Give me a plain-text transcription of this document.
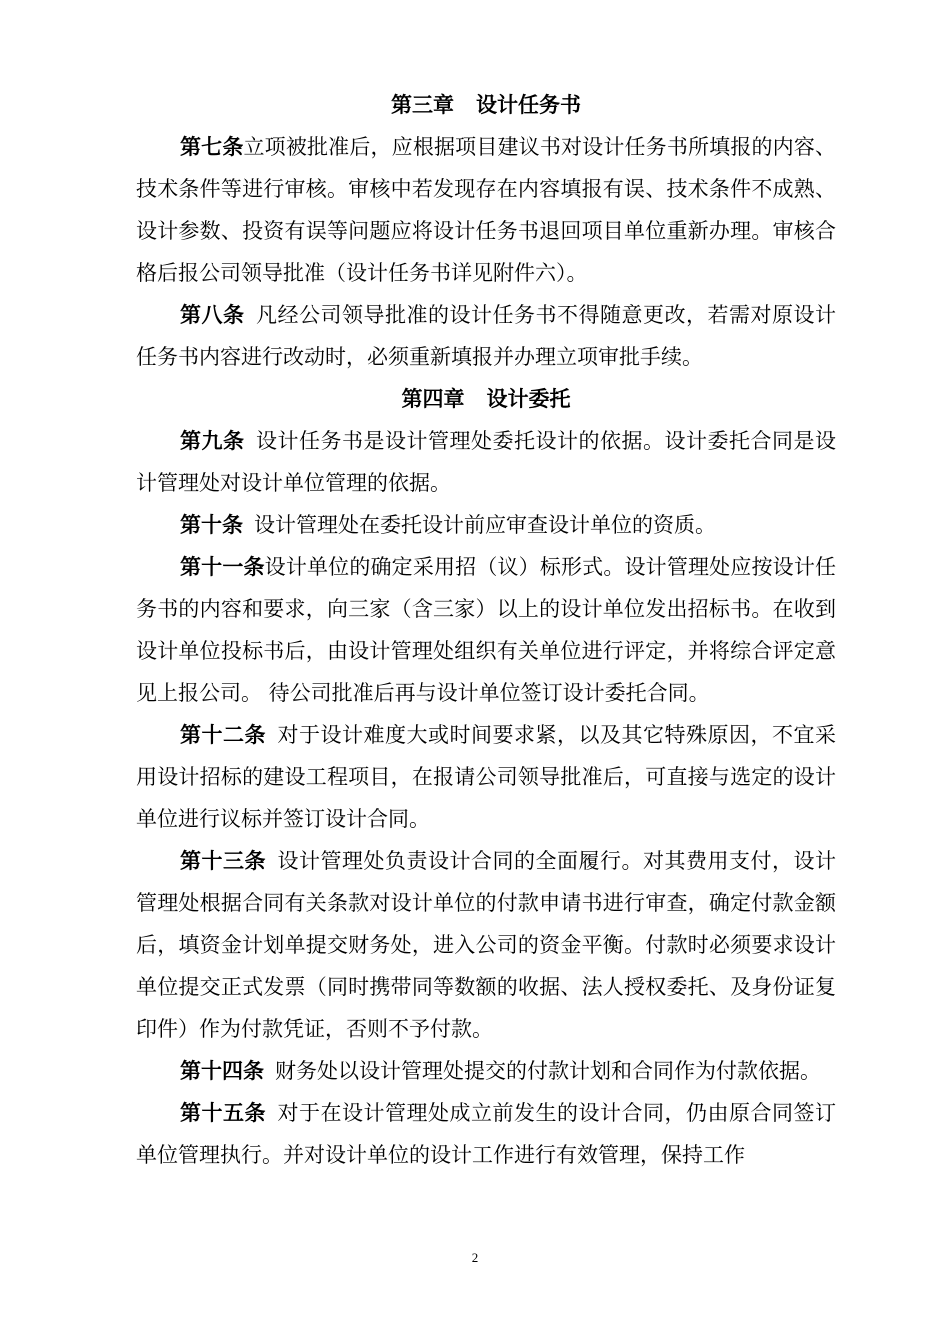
第三章 设计任务书

第七条立项被批准后，应根据项目建议书对设计任务书所填报的内容、技术条件等进行审核。审核中若发现存在内容填报有误、技术条件不成熟、设计参数、投资有误等问题应将设计任务书退回项目单位重新办理。审核合格后报公司领导批准（设计任务书详见附件六）。

第八条 凡经公司领导批准的设计任务书不得随意更改，若需对原设计任务书内容进行改动时，必须重新填报并办理立项审批手续。

第四章 设计委托

第九条 设计任务书是设计管理处委托设计的依据。设计委托合同是设计管理处对设计单位管理的依据。

第十条 设计管理处在委托设计前应审查设计单位的资质。

第十一条设计单位的确定采用招（议）标形式。设计管理处应按设计任务书的内容和要求，向三家（含三家）以上的设计单位发出招标书。在收到设计单位投标书后，由设计管理处组织有关单位进行评定，并将综合评定意见上报公司。 待公司批准后再与设计单位签订设计委托合同。

第十二条 对于设计难度大或时间要求紧，以及其它特殊原因，不宜采用设计招标的建设工程项目，在报请公司领导批准后，可直接与选定的设计单位进行议标并签订设计合同。

第十三条 设计管理处负责设计合同的全面履行。对其费用支付，设计管理处根据合同有关条款对设计单位的付款申请书进行审查，确定付款金额后，填资金计划单提交财务处，进入公司的资金平衡。付款时必须要求设计单位提交正式发票（同时携带同等数额的收据、法人授权委托、及身份证复印件）作为付款凭证，否则不予付款。

第十四条 财务处以设计管理处提交的付款计划和合同作为付款依据。

第十五条 对于在设计管理处成立前发生的设计合同，仍由原合同签订单位管理执行。并对设计单位的设计工作进行有效管理，保持工作

2
